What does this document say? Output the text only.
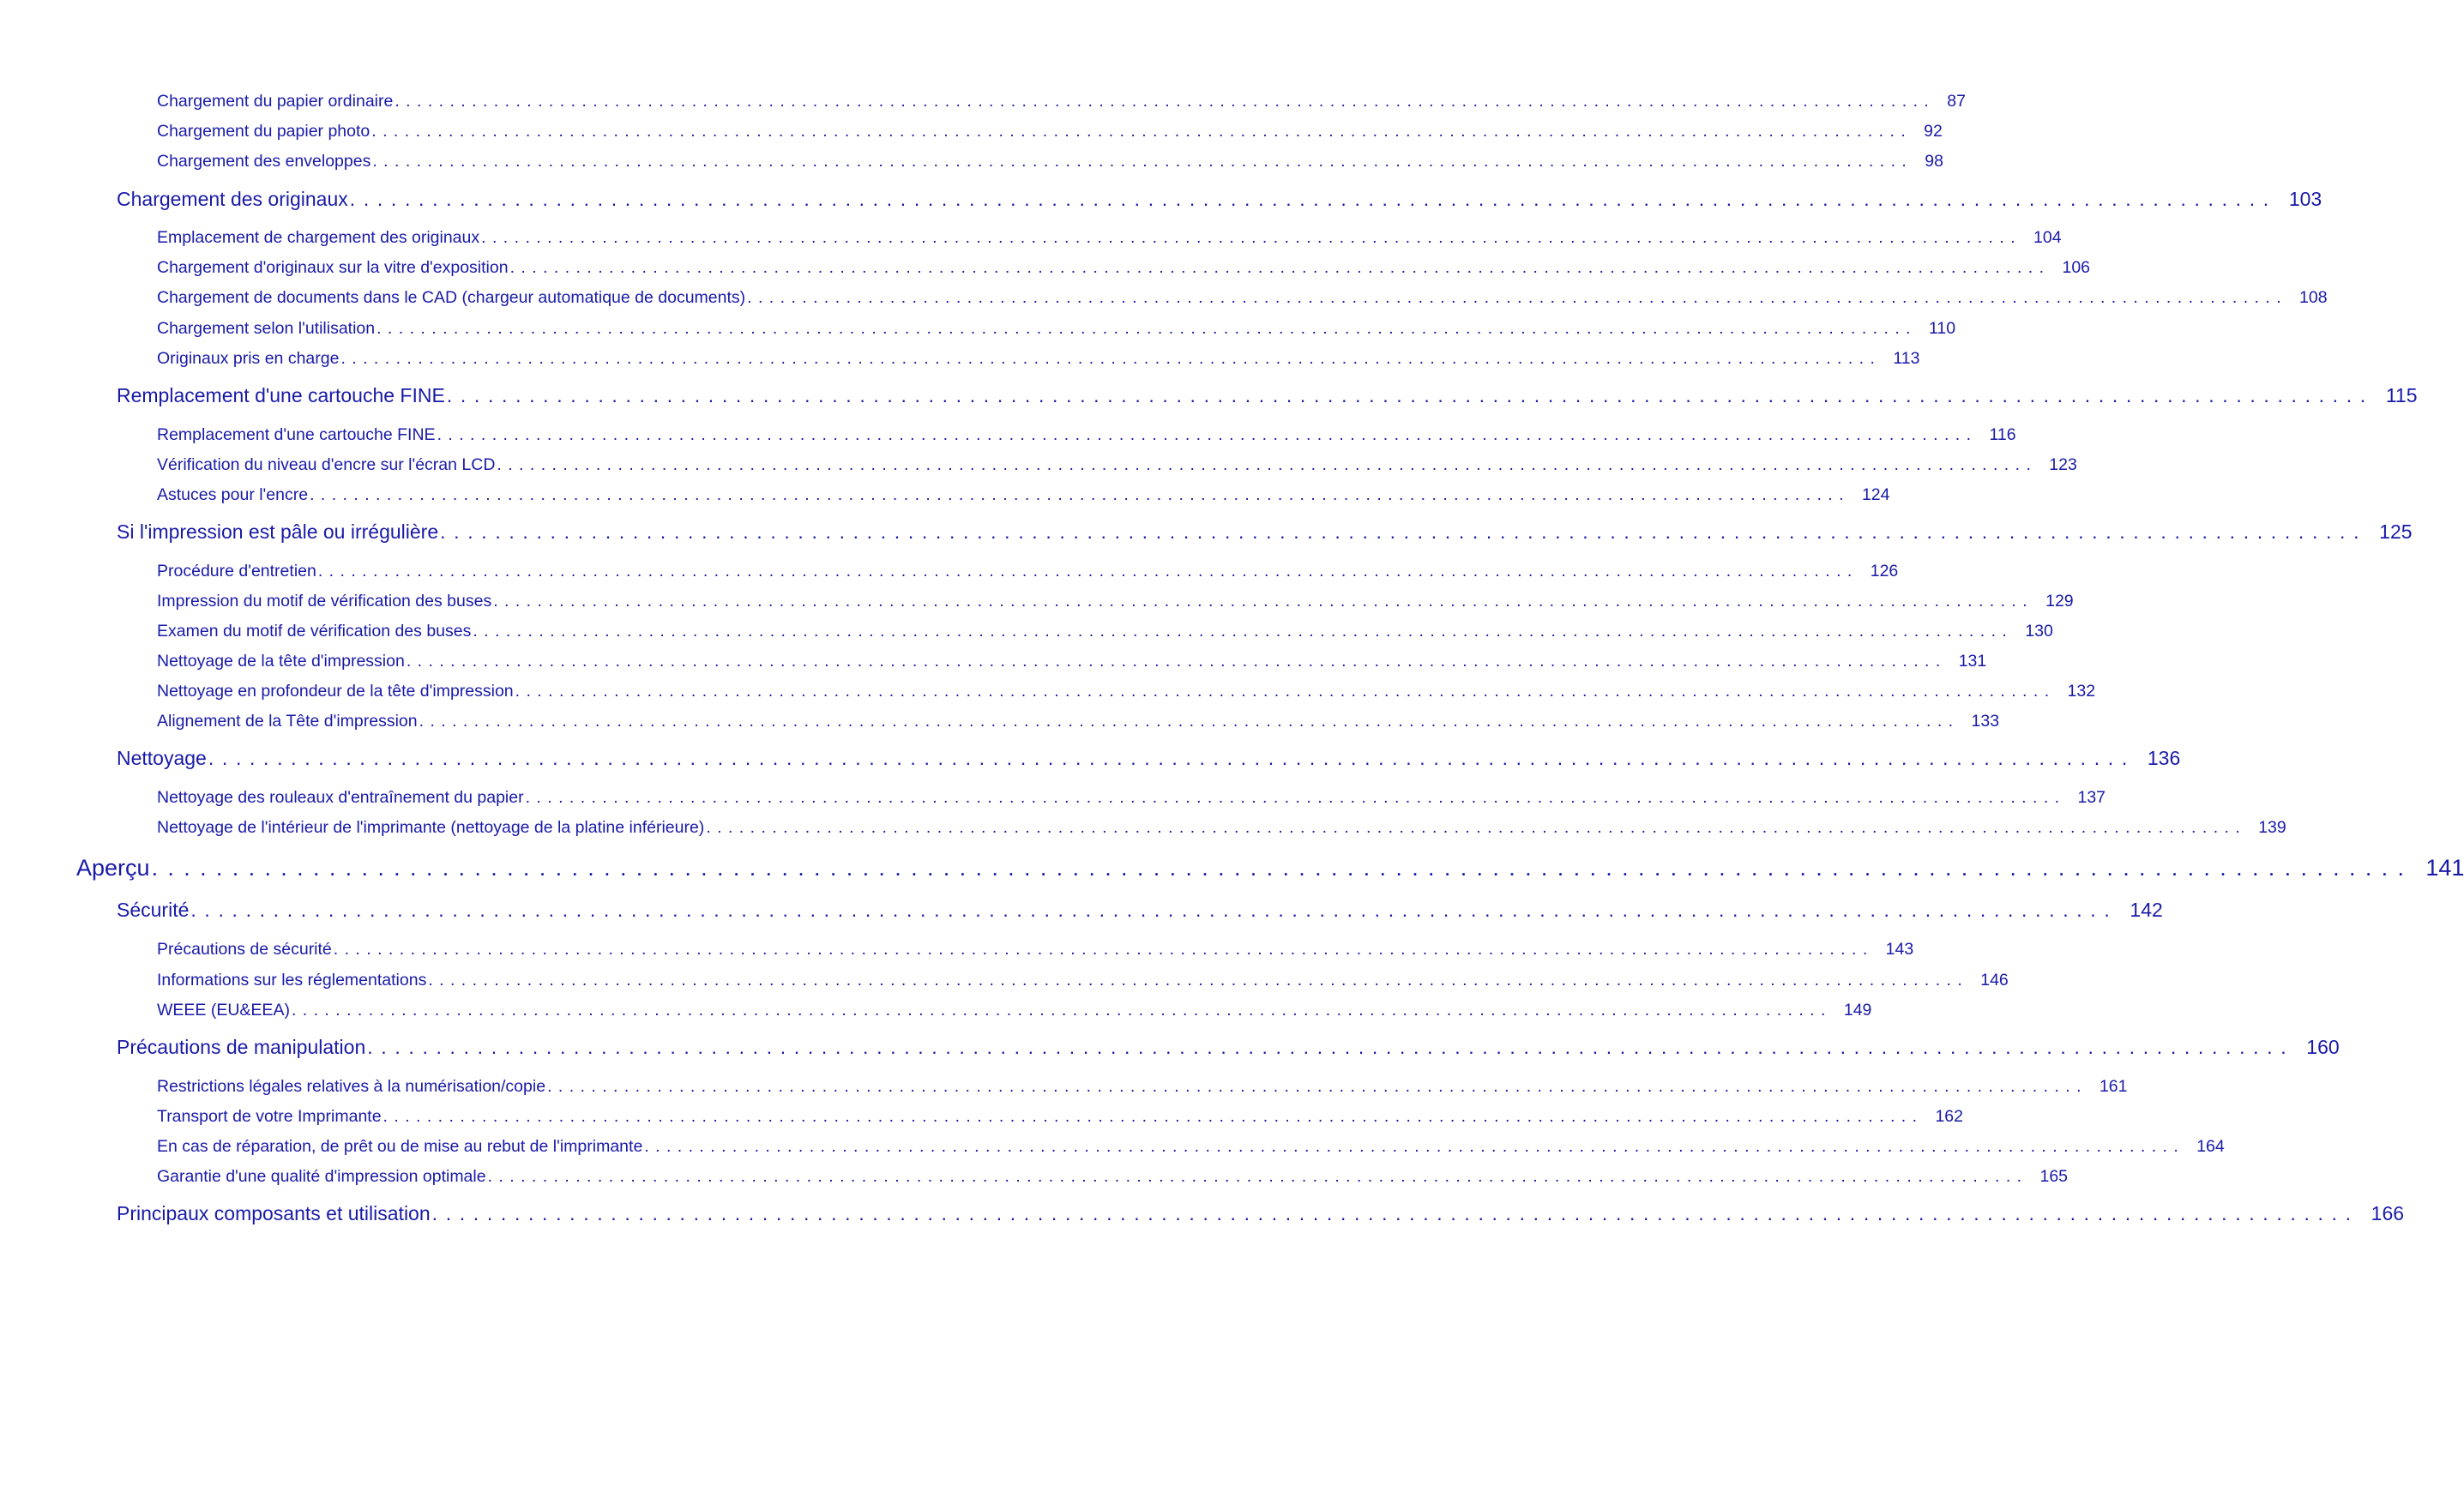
Chargement du papier ordinaire ............................................................................................................................................ 87
Chargement du papier photo ............................................................................................................................................ 92
Chargement des enveloppes ............................................................................................................................................ 98
Chargement des originaux ............................................................................................................................................ 103
Emplacement de chargement des originaux ............................................................................................................................................ 104
Chargement d'originaux sur la vitre d'exposition ............................................................................................................................................ 106
Chargement de documents dans le CAD (chargeur automatique de documents) ............................................................................................................................................ 108
Chargement selon l'utilisation ............................................................................................................................................ 110
Originaux pris en charge ............................................................................................................................................ 113
Remplacement d'une cartouche FINE ............................................................................................................................................ 115
Remplacement d'une cartouche FINE ............................................................................................................................................ 116
Vérification du niveau d'encre sur l'écran LCD ............................................................................................................................................ 123
Astuces pour l'encre ............................................................................................................................................ 124
Si l'impression est pâle ou irrégulière ............................................................................................................................................ 125
Procédure d'entretien ............................................................................................................................................ 126
Impression du motif de vérification des buses ............................................................................................................................................ 129
Examen du motif de vérification des buses ............................................................................................................................................ 130
Nettoyage de la tête d'impression ............................................................................................................................................ 131
Nettoyage en profondeur de la tête d'impression ............................................................................................................................................ 132
Alignement de la Tête d'impression ............................................................................................................................................ 133
Nettoyage ............................................................................................................................................ 136
Nettoyage des rouleaux d'entraînement du papier ............................................................................................................................................ 137
Nettoyage de l'intérieur de l'imprimante (nettoyage de la platine inférieure) ............................................................................................................................................ 139
Aperçu ............................................................................................................................................ 141
Sécurité ............................................................................................................................................ 142
Précautions de sécurité ............................................................................................................................................ 143
Informations sur les réglementations ............................................................................................................................................ 146
WEEE (EU&EEA) ............................................................................................................................................ 149
Précautions de manipulation ............................................................................................................................................ 160
Restrictions légales relatives à la numérisation/copie ............................................................................................................................................ 161
Transport de votre Imprimante ............................................................................................................................................ 162
En cas de réparation, de prêt ou de mise au rebut de l'imprimante ............................................................................................................................................ 164
Garantie d'une qualité d'impression optimale ............................................................................................................................................ 165
Principaux composants et utilisation ............................................................................................................................................ 166
